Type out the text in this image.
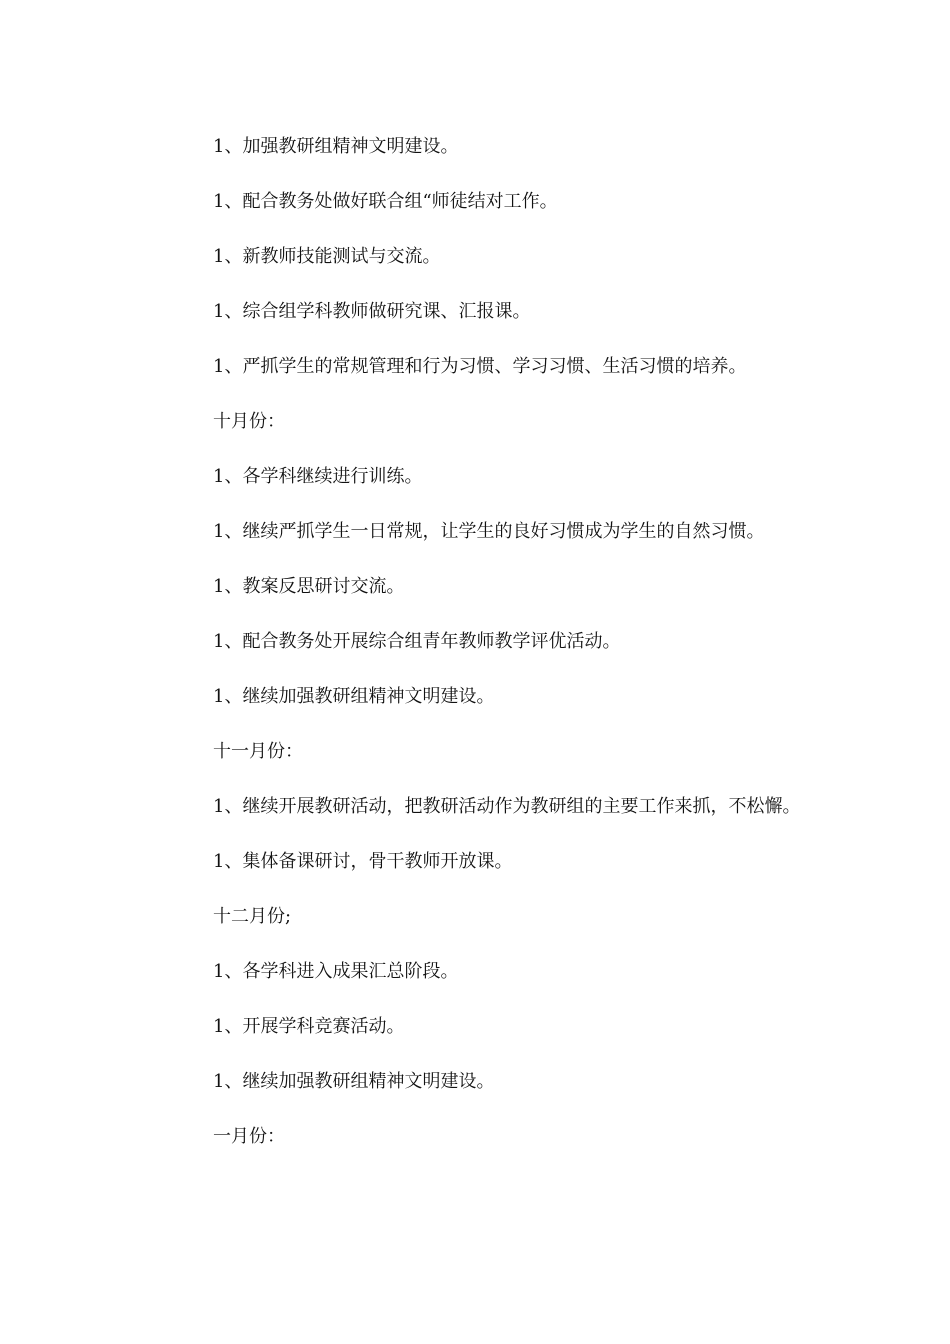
1、加强教研组精神文明建设。

1、配合教务处做好联合组“师徒结对工作。

1、新教师技能测试与交流。

1、综合组学科教师做研究课、汇报课。

1、严抓学生的常规管理和行为习惯、学习习惯、生活习惯的培养。

十月份：

1、各学科继续进行训练。

1、继续严抓学生一日常规，让学生的良好习惯成为学生的自然习惯。

1、教案反思研讨交流。

1、配合教务处开展综合组青年教师教学评优活动。

1、继续加强教研组精神文明建设。

十一月份：

1、继续开展教研活动，把教研活动作为教研组的主要工作来抓，不松懈。

1、集体备课研讨，骨干教师开放课。

十二月份;

1、各学科进入成果汇总阶段。

1、开展学科竞赛活动。

1、继续加强教研组精神文明建设。

一月份：
